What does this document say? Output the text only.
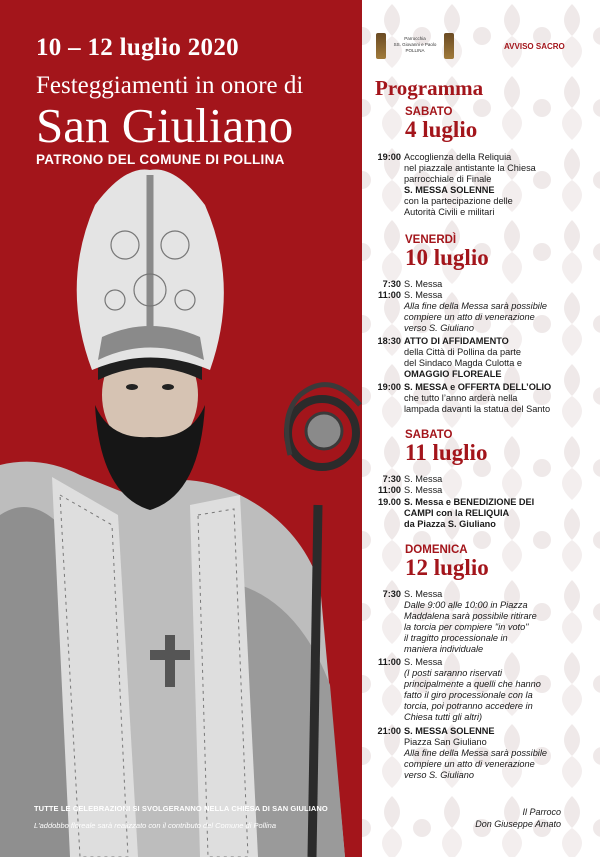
10 – 12 luglio 2020
Festeggiamenti in onore di
San Giuliano
PATRONO DEL COMUNE DI POLLINA
TUTTE LE CELEBRAZIONI SI SVOLGERANNO NELLA CHIESA DI SAN GIULIANO
L'addobbo floreale sarà realizzato con il contributo del Comune di Pollina
Parrocchia
SS. Giovanni e Paolo
POLLINA	AVVISO SACRO
Programma
SABATO
4 luglio
VENERDÌ
10 luglio
SABATO
11 luglio
DOMENICA
12 luglio
19:00 Accoglienza della Reliquia
nel piazzale antistante la Chiesa
parrocchiale di Finale
S. MESSA SOLENNE
con la partecipazione delle
Autorità Civili e militari
7:30 S. Messa
11:00 S. Messa
Alla fine della Messa sarà possibile
compiere un atto di venerazione
verso S. Giuliano
18:30 ATTO DI AFFIDAMENTO
della Città di Pollina da parte
del Sindaco Magda Culotta e
OMAGGIO FLOREALE
19:00 S. MESSA e OFFERTA DELL’OLIO
che tutto l’anno arderà nella
lampada davanti la statua del Santo
7:30 S. Messa
11:00 S. Messa
19.00 S. Messa e BENEDIZIONE DEI
CAMPI con la RELIQUIA
da Piazza S. Giuliano
7:30 S. Messa
Dalle 9:00 alle 10:00 in Piazza
Maddalena sarà possibile ritirare
la torcia per compiere "in voto"
il tragitto processionale in
maniera individuale
11:00 S. Messa
(I posti saranno riservati
principalmente a quelli che hanno
fatto il giro processionale con la
torcia, poi potranno accedere in
Chiesa tutti gli altri)
21:00 S. MESSA SOLENNE
Piazza San Giuliano
Alla fine della Messa sarà possibile
compiere un atto di venerazione
verso S. Giuliano
Il Parroco
Don Giuseppe Amato
